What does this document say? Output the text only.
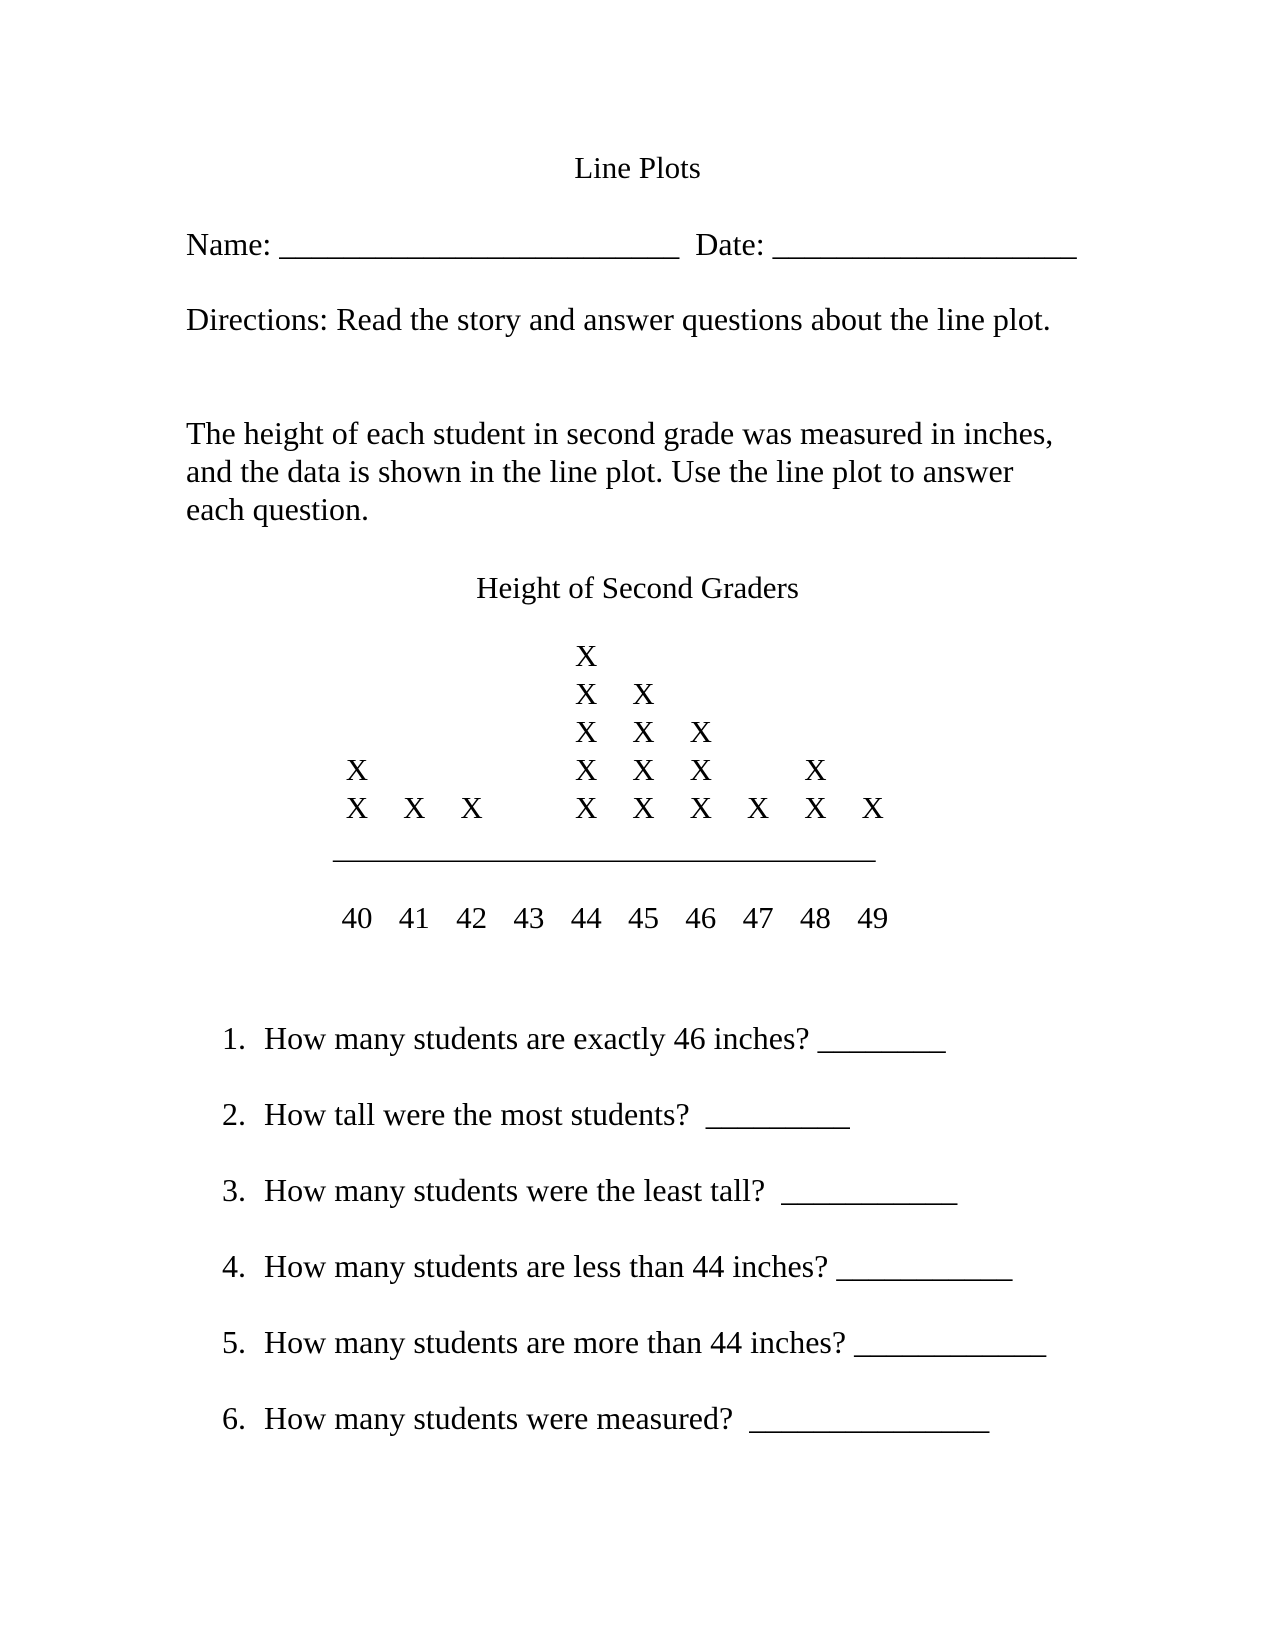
Line Plots
Name: _________________________  Date: ___________________

Directions: Read the story and answer questions about the line plot.

The height of each student in second grade was measured in inches, and the data is shown in the line plot. Use the line plot to answer each question.

Height of Second Graders
X
X
40
X
41
X
42 43
X
X
X
X
X
44
X
X
X
X
45
X
X
X
46
X
47
X
X
48
X
49
___________________________________
1. How many students are exactly 46 inches? ________
2. How tall were the most students?  _________
3. How many students were the least tall?  ___________
4. How many students are less than 44 inches? ___________
5. How many students are more than 44 inches? ____________
6. How many students were measured?  _______________
